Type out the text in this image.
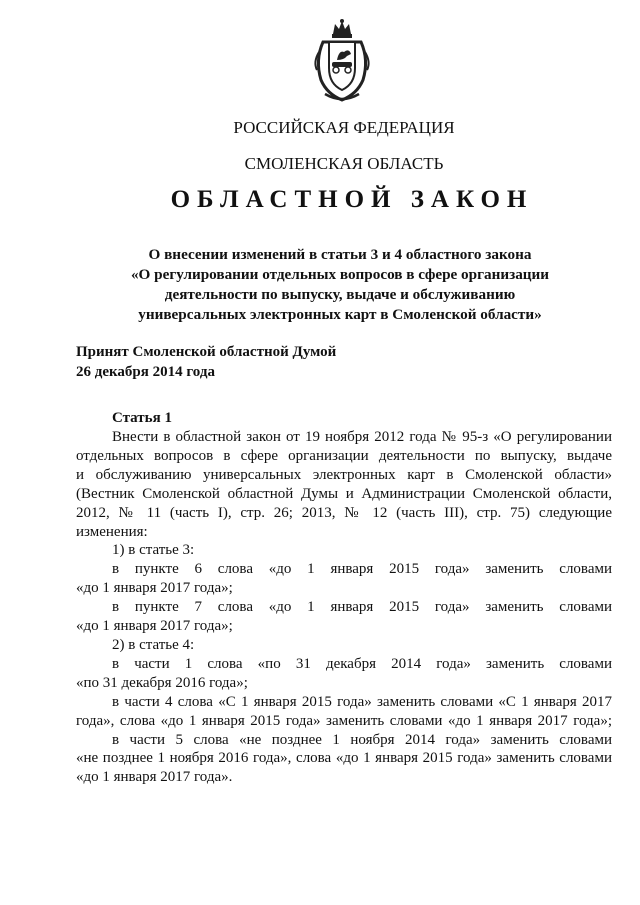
РОССИЙСКАЯ ФЕДЕРАЦИЯ
СМОЛЕНСКАЯ ОБЛАСТЬ
ОБЛАСТНОЙ ЗАКОН
О внесении изменений в статьи 3 и 4 областного закона
«О регулировании отдельных вопросов в сфере организации
деятельности по выпуску, выдаче и обслуживанию
универсальных электронных карт в Смоленской области»
Принят Смоленской областной Думой
26 декабря 2014 года
Статья 1
Внести в областной закон от 19 ноября 2012 года № 95-з «О регулировании
отдельных вопросов в сфере организации деятельности по выпуску, выдаче
и обслуживанию универсальных электронных карт в Смоленской области»
(Вестник Смоленской областной Думы и Администрации Смоленской области,
2012, № 11 (часть I), стр. 26; 2013, № 12 (часть III), стр. 75) следующие
изменения:
1) в статье 3:
в пункте 6 слова «до 1 января 2015 года» заменить словами
«до 1 января 2017 года»;
в пункте 7 слова «до 1 января 2015 года» заменить словами
«до 1 января 2017 года»;
2) в статье 4:
в части 1 слова «по 31 декабря 2014 года» заменить словами
«по 31 декабря 2016 года»;
в части 4 слова «С 1 января 2015 года» заменить словами «С 1 января 2017
года», слова «до 1 января 2015 года» заменить словами «до 1 января 2017 года»;
в части 5 слова «не позднее 1 ноября 2014 года» заменить словами
«не позднее 1 ноября 2016 года», слова «до 1 января 2015 года» заменить словами
«до 1 января 2017 года».
